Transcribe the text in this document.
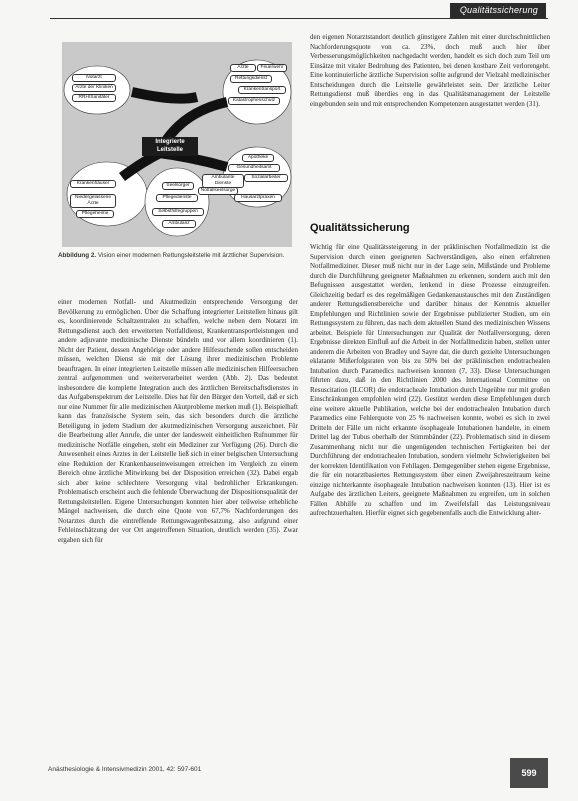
Qualitätssicherung
Notarzt
Ärzte der Kliniken
RRH/Sanitäter
Ärzte	Feuerwehr
Rettungsdienst
Krankentransport
Katastrophenschutz
Integrierte Leitstelle
Apotheke
Gesundheitsamt
Ambulante Dienste
Sozialarbeiter
Hausarztpraxen
Krankenhäuser
Niedergelassene Ärzte
Pflegeheime
Seelsorger
Pflegedienste
Notfallseelsorge
Selbsthilfegruppen
Ambulanz
Abbildung 2. Vision einer modernen Rettungsleitstelle mit ärztlicher Supervision.

einer modernen Notfall- und Akutmedizin entsprechende Versorgung der Bevölkerung zu ermöglichen. Über die Schaffung integrierter Leitstellen hinaus gilt es, koordinierende Schaltzentralen zu schaffen, welche neben dem Notarzt im Rettungsdienst auch den erweiterten Notfalldienst, Krankentransportleistungen und andere adjuvante medizinische Dienste bündeln und vor allem koordinieren (1). Nicht der Patient, dessen Angehörige oder andere Hilfesuchende sollen entscheiden müssen, welchen Dienst sie mit der Lösung ihrer medizinischen Probleme beauftragen. In einer integrierten Leitstelle müssen alle medizinischen Hilfeersuchen zentral aufgenommen und weiterverarbeitet werden (Abb. 2). Das bedeutet insbesondere die komplette Integration auch des ärztlichen Bereitschaftsdienstes in das Aufgabenspektrum der Leitstelle. Dies hat für den Bürger den Vorteil, daß er sich nur eine Nummer für alle medizinischen Akutprobleme merken muß (1). Beispielhaft kann das französische System sein, das sich besonders durch die ärztliche Beteiligung in jedem Stadium der akutmedizinischen Versorgung auszeichnet. Für die Bearbeitung aller Anrufe, die unter der landesweit einheitlichen Rufnummer für medizinische Notfälle eingehen, steht ein Mediziner zur Verfügung (26). Durch die Anwesenheit eines Arztes in der Leitstelle ließ sich in einer belgischen Untersuchung eine Reduktion der Krankenhauseinweisungen erreichen im Vergleich zu einem Bereich ohne ärztliche Mitwirkung bei der Disposition erreichen (32). Dabei ergab sich aber keine schlechtere Versorgung vital bedrohlicher Erkrankungen. Problematisch erscheint auch die fehlende Überwachung der Dispositionsqualität der Rettungsleitstellen. Eigene Untersuchungen konnten hier aber teilweise erhebliche Mängel nachweisen, die durch eine Quote von 67,7% Nachforderungen des Notarztes durch die eintreffende Rettungswagenbesatzung, also aufgrund einer Fehleinschätzung der vor Ort angetroffenen Situation, deutlich werden (35). Zwar ergaben sich für

den eigenen Notarztstandort deutlich günstigere Zahlen mit einer durchschnittlichen Nachforderungsquote von ca. 23%, doch muß auch hier über Verbesserungsmöglichkeiten nachgedacht werden, handelt es sich doch zum Teil um Einsätze mit vitaler Bedrohung des Patienten, bei denen kostbare Zeit verlorengeht. Eine kontinuierliche ärztliche Supervision sollte aufgrund der Vielzahl medizinischer Entscheidungen durch die Leitstelle gewährleistet sein. Der ärztliche Leiter Rettungsdienst muß überdies eng in das Qualitätsmanagement der Leitstelle eingebunden sein und mit entsprechenden Kompetenzen ausgestattet werden (31).

Qualitätssicherung

Wichtig für eine Qualitätssteigerung in der präklinischen Notfallmedizin ist die Supervision durch einen geeigneten Sachverständigen, also einen erfahrenen Notfallmediziner. Dieser muß nicht nur in der Lage sein, Mißstände und Probleme durch die Durchführung geeigneter Maßnahmen zu erkennen, sondern auch mit den Befugnissen ausgestattet werden, lenkend in diese Prozesse einzugreifen. Gleichzeitig bedarf es des regelmäßigen Gedankenaustausches mit den Zuständigen anderer Rettungsdienstbereiche und darüber hinaus der Kenntnis aktueller Empfehlungen und Richtlinien sowie der Ergebnisse publizierter Studien, um ein Rettungssystem zu führen, das nach dem aktuellen Stand des medizinischen Wissens arbeitet. Beispiele für Untersuchungen zur Qualität der Notfallversorgung, deren Ergebnisse direkten Einfluß auf die Arbeit in der Notfallmedizin haben, stellen unter anderem die Arbeiten von Bradley und Sayre dar, die durch gezielte Untersuchungen eklatante Mißerfolgsraten von bis zu 50% bei der präklinischen endotrachealen Intubation durch Paramedics nachweisen konnten (7, 33). Diese Untersuchungen führten dazu, daß in den Richtlinien 2000 des International Committee on Resuscitation (ILCOR) die endotracheale Intubation durch Ungeübte nur mit großen Einschränkungen empfohlen wird (22). Gestützt werden diese Empfehlungen durch eine weitere aktuelle Publikation, welche bei der endotrachealen Intubation durch Paramedics eine Fehlerquote von 25 % nachweisen konnte, wobei es sich in zwei Dritteln der Fälle um nicht erkannte ösophageale Intubationen handelte, in einem Drittel lag der Tubus oberhalb der Stimmbänder (22). Problematisch sind in diesem Zusammenhang nicht nur die ungenügenden technischen Fertigkeiten bei der Durchführung der endotrachealen Intubation, sondern vielmehr Schwierigkeiten bei der korrekten Identifikation von Fehllagen. Demgegenüber stehen eigene Ergebnisse, die für ein notarztbasiertes Rettungssystem über einen Zweijahreszeitraum keine einzige nichterkannte ösophageale Intubation nachweisen konnten (13). Hier ist es Aufgabe des ärztlichen Leiters, geeignete Maßnahmen zu ergreifen, um in solchen Fällen Abhilfe zu schaffen und im Zweifelsfall das Leistungsniveau aufrechtzuerhalten. Hierfür eignet sich gegebenenfalls auch die Entwicklung alter-

Anästhesiologie & Intensivmedizin 2001, 42: 597-601	599
